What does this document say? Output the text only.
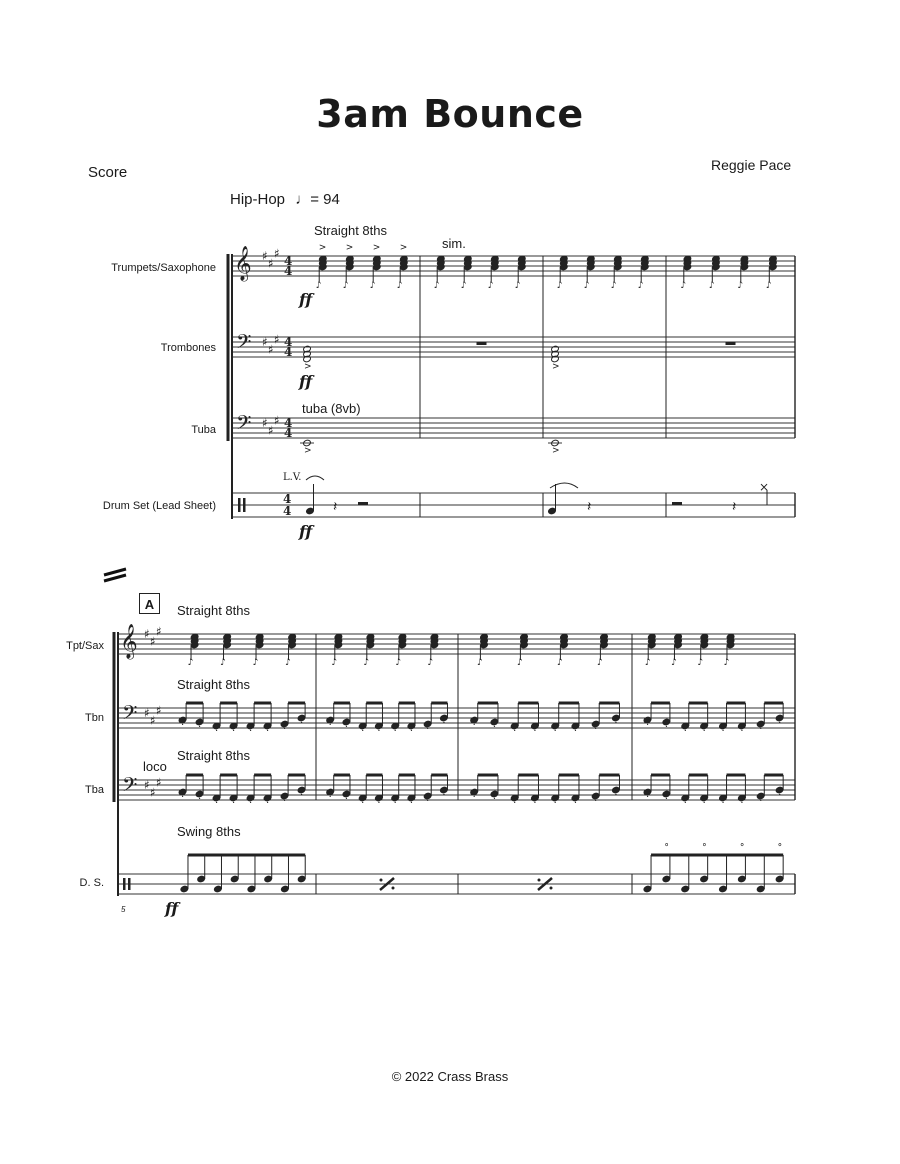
3am Bounce
Score	Reggie Pace
Hip-Hop ♩= 94
Trumpets/Saxophone
Trombones
Tuba
Drum Set (Lead Sheet)
Straight 8ths
sim.
tuba (8vb)
L.V.
Tpt/Sax
Tbn
Tba
D. S.
A	Straight 8ths
Straight 8ths
Straight 8ths
loco
Swing 8ths
5
ff
ff
ff
ff
© 2022 Crass Brass
𝄞
𝄢
𝄢
♯
♯
♯
♯
♯
♯
♯
♯
♯
4
4
4
4
4
4
4
4
♪
>
♪
>
♪
>
♪
>
♪ ♪ ♪ ♪	♪ ♪ ♪ ♪	♪	♪	♪	♪
>	>
>	>
𝄽	𝄽	𝄽
×
𝄞
𝄢
𝄢
♯
♯
♯
♯
♯
♯
♯
♯
♯
♪	♪	♪	♪	♪	♪	♪	♪	♪	♪	♪	♪	♪ ♪ ♪ ♪
· · · · · · ·
·	· · · · · · ·
·	· · · · · · ·
·	· · · · · · ·
·
· · · · · · ·
·	· · · · · · ·
·	· · · · · · ·
·	· · · · · · ·
·
°	°	°	°
